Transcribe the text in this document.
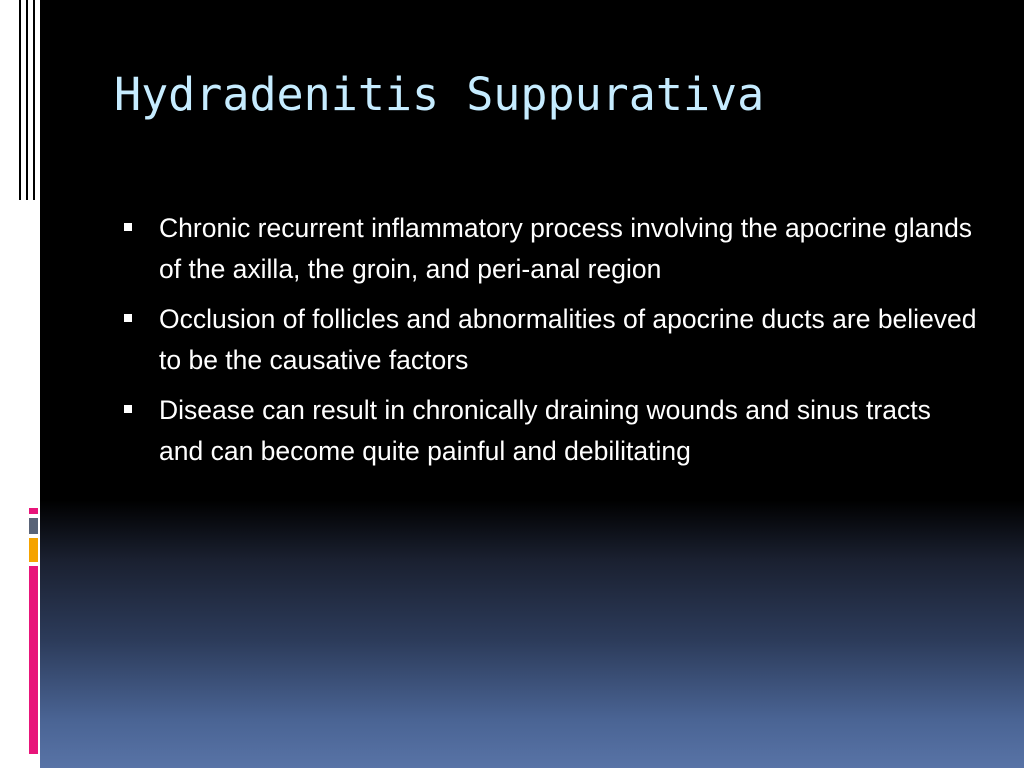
Hydradenitis Suppurativa
Chronic recurrent inflammatory process involving the apocrine glands of the axilla, the groin, and peri-anal region
Occlusion of follicles and abnormalities of apocrine ducts are believed to be the causative factors
Disease can result in chronically draining wounds and sinus tracts and can become quite painful and debilitating
